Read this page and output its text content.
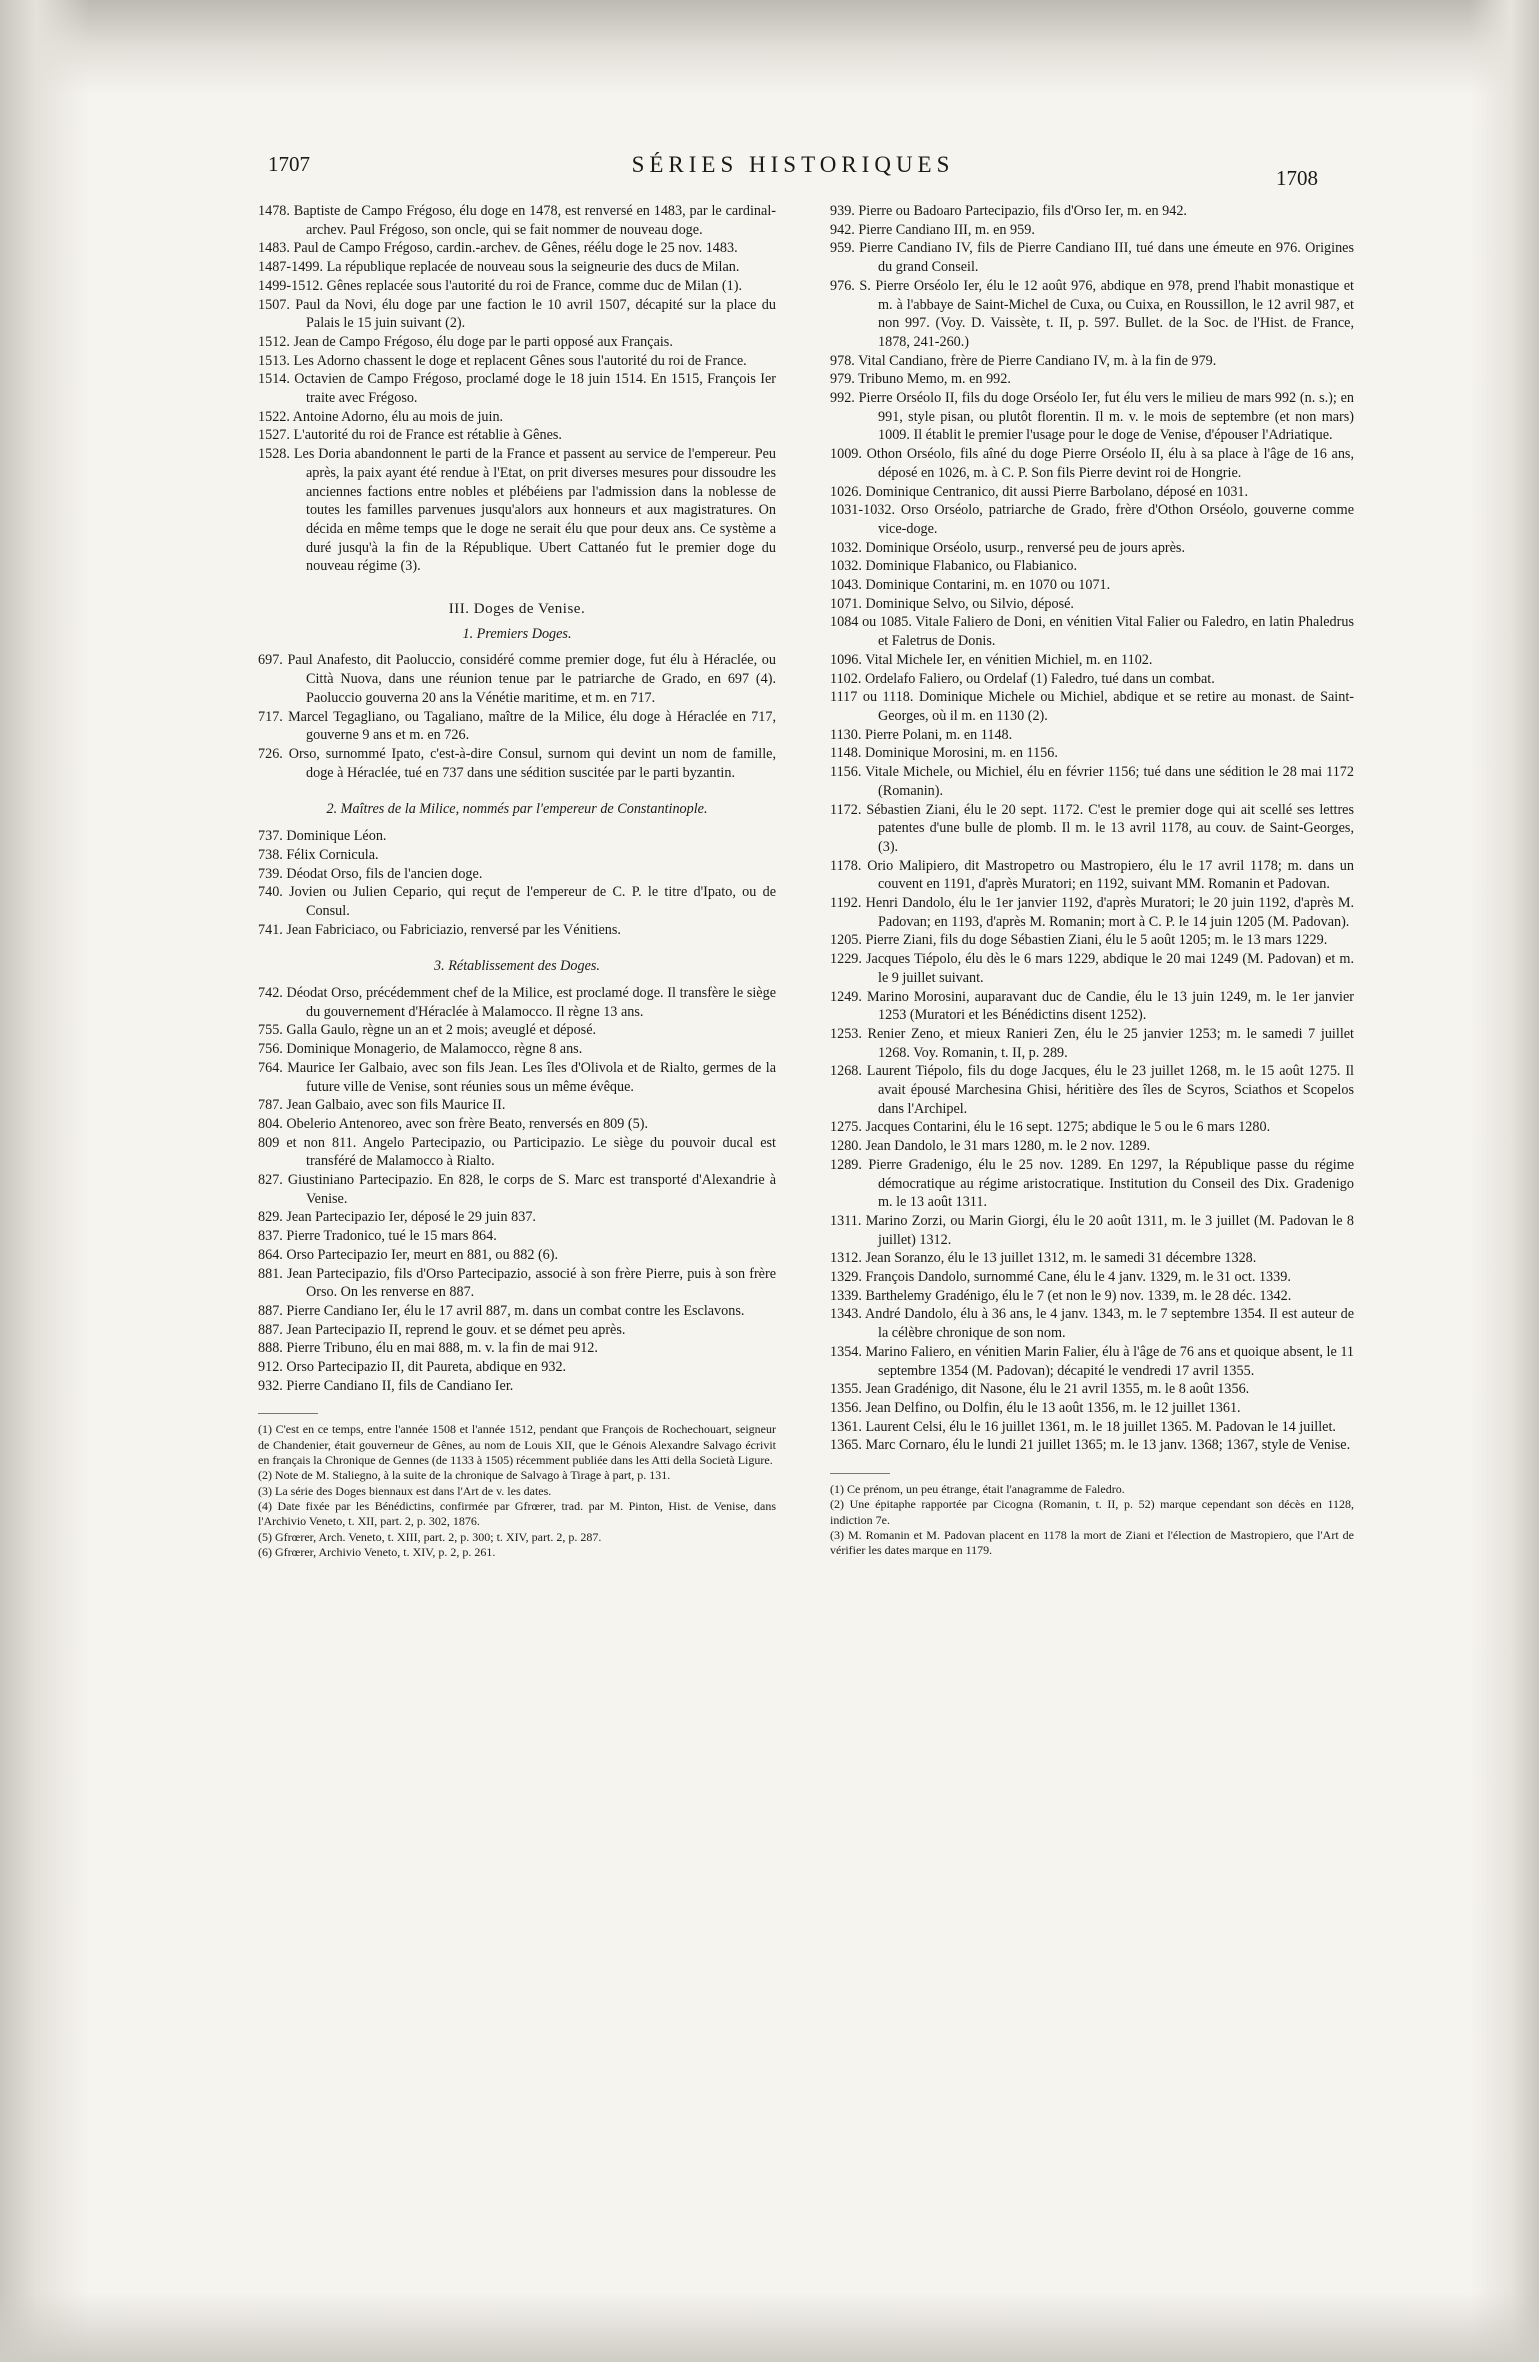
1707	SÉRIES HISTORIQUES
1708

1478. Baptiste de Campo Frégoso, élu doge en 1478, est renversé en 1483, par le cardinal-archev. Paul Frégoso, son oncle, qui se fait nommer de nouveau doge.

1483. Paul de Campo Frégoso, cardin.-archev. de Gênes, réélu doge le 25 nov. 1483.

1487-1499. La république replacée de nouveau sous la seigneurie des ducs de Milan.

1499-1512. Gênes replacée sous l'autorité du roi de France, comme duc de Milan (1).

1507. Paul da Novi, élu doge par une faction le 10 avril 1507, décapité sur la place du Palais le 15 juin suivant (2).

1512. Jean de Campo Frégoso, élu doge par le parti opposé aux Français.

1513. Les Adorno chassent le doge et replacent Gênes sous l'autorité du roi de France.

1514. Octavien de Campo Frégoso, proclamé doge le 18 juin 1514. En 1515, François Ier traite avec Frégoso.

1522. Antoine Adorno, élu au mois de juin.

1527. L'autorité du roi de France est rétablie à Gênes.

1528. Les Doria abandonnent le parti de la France et passent au service de l'empereur. Peu après, la paix ayant été rendue à l'Etat, on prit diverses mesures pour dissoudre les anciennes factions entre nobles et plébéiens par l'admission dans la noblesse de toutes les familles parvenues jusqu'alors aux honneurs et aux magistratures. On décida en même temps que le doge ne serait élu que pour deux ans. Ce système a duré jusqu'à la fin de la République. Ubert Cattanéo fut le premier doge du nouveau régime (3).

III. Doges de Venise.
1. Premiers Doges.

697. Paul Anafesto, dit Paoluccio, considéré comme premier doge, fut élu à Héraclée, ou Città Nuova, dans une réunion tenue par le patriarche de Grado, en 697 (4). Paoluccio gouverna 20 ans la Vénétie maritime, et m. en 717.

717. Marcel Tegagliano, ou Tagaliano, maître de la Milice, élu doge à Héraclée en 717, gouverne 9 ans et m. en 726.

726. Orso, surnommé Ipato, c'est-à-dire Consul, surnom qui devint un nom de famille, doge à Héraclée, tué en 737 dans une sédition suscitée par le parti byzantin.

2. Maîtres de la Milice, nommés par l'empereur de Constantinople.

737. Dominique Léon.

738. Félix Cornicula.

739. Déodat Orso, fils de l'ancien doge.

740. Jovien ou Julien Cepario, qui reçut de l'empereur de C. P. le titre d'Ipato, ou de Consul.

741. Jean Fabriciaco, ou Fabriciazio, renversé par les Vénitiens.

3. Rétablissement des Doges.

742. Déodat Orso, précédemment chef de la Milice, est proclamé doge. Il transfère le siège du gouvernement d'Héraclée à Malamocco. Il règne 13 ans.

755. Galla Gaulo, règne un an et 2 mois; aveuglé et déposé.

756. Dominique Monagerio, de Malamocco, règne 8 ans.

764. Maurice Ier Galbaio, avec son fils Jean. Les îles d'Olivola et de Rialto, germes de la future ville de Venise, sont réunies sous un même évêque.

787. Jean Galbaio, avec son fils Maurice II.

804. Obelerio Antenoreo, avec son frère Beato, renversés en 809 (5).

809 et non 811. Angelo Partecipazio, ou Participazio. Le siège du pouvoir ducal est transféré de Malamocco à Rialto.

827. Giustiniano Partecipazio. En 828, le corps de S. Marc est transporté d'Alexandrie à Venise.

829. Jean Partecipazio Ier, déposé le 29 juin 837.

837. Pierre Tradonico, tué le 15 mars 864.

864. Orso Partecipazio Ier, meurt en 881, ou 882 (6).

881. Jean Partecipazio, fils d'Orso Partecipazio, associé à son frère Pierre, puis à son frère Orso. On les renverse en 887.

887. Pierre Candiano Ier, élu le 17 avril 887, m. dans un combat contre les Esclavons.

887. Jean Partecipazio II, reprend le gouv. et se démet peu après.

888. Pierre Tribuno, élu en mai 888, m. v. la fin de mai 912.

912. Orso Partecipazio II, dit Paureta, abdique en 932.

932. Pierre Candiano II, fils de Candiano Ier.

(1) C'est en ce temps, entre l'année 1508 et l'année 1512, pendant que François de Rochechouart, seigneur de Chandenier, était gouverneur de Gênes, au nom de Louis XII, que le Génois Alexandre Salvago écrivit en français la Chronique de Gennes (de 1133 à 1505) récemment publiée dans les Atti della Società Ligure.

(2) Note de M. Staliegno, à la suite de la chronique de Salvago à Tirage à part, p. 131.

(3) La série des Doges biennaux est dans l'Art de v. les dates.

(4) Date fixée par les Bénédictins, confirmée par Gfrœrer, trad. par M. Pinton, Hist. de Venise, dans l'Archivio Veneto, t. XII, part. 2, p. 302, 1876.

(5) Gfrœrer, Arch. Veneto, t. XIII, part. 2, p. 300; t. XIV, part. 2, p. 287.

(6) Gfrœrer, Archivio Veneto, t. XIV, p. 2, p. 261.

939. Pierre ou Badoaro Partecipazio, fils d'Orso Ier, m. en 942.

942. Pierre Candiano III, m. en 959.

959. Pierre Candiano IV, fils de Pierre Candiano III, tué dans une émeute en 976. Origines du grand Conseil.

976. S. Pierre Orséolo Ier, élu le 12 août 976, abdique en 978, prend l'habit monastique et m. à l'abbaye de Saint-Michel de Cuxa, ou Cuixa, en Roussillon, le 12 avril 987, et non 997. (Voy. D. Vaissète, t. II, p. 597. Bullet. de la Soc. de l'Hist. de France, 1878, 241-260.)

978. Vital Candiano, frère de Pierre Candiano IV, m. à la fin de 979.

979. Tribuno Memo, m. en 992.

992. Pierre Orséolo II, fils du doge Orséolo Ier, fut élu vers le milieu de mars 992 (n. s.); en 991, style pisan, ou plutôt florentin. Il m. v. le mois de septembre (et non mars) 1009. Il établit le premier l'usage pour le doge de Venise, d'épouser l'Adriatique.

1009. Othon Orséolo, fils aîné du doge Pierre Orséolo II, élu à sa place à l'âge de 16 ans, déposé en 1026, m. à C. P. Son fils Pierre devint roi de Hongrie.

1026. Dominique Centranico, dit aussi Pierre Barbolano, déposé en 1031.

1031-1032. Orso Orséolo, patriarche de Grado, frère d'Othon Orséolo, gouverne comme vice-doge.

1032. Dominique Orséolo, usurp., renversé peu de jours après.

1032. Dominique Flabanico, ou Flabianico.

1043. Dominique Contarini, m. en 1070 ou 1071.

1071. Dominique Selvo, ou Silvio, déposé.

1084 ou 1085. Vitale Faliero de Doni, en vénitien Vital Falier ou Faledro, en latin Phaledrus et Faletrus de Donis.

1096. Vital Michele Ier, en vénitien Michiel, m. en 1102.

1102. Ordelafo Faliero, ou Ordelaf (1) Faledro, tué dans un combat.

1117 ou 1118. Dominique Michele ou Michiel, abdique et se retire au monast. de Saint-Georges, où il m. en 1130 (2).

1130. Pierre Polani, m. en 1148.

1148. Dominique Morosini, m. en 1156.

1156. Vitale Michele, ou Michiel, élu en février 1156; tué dans une sédition le 28 mai 1172 (Romanin).

1172. Sébastien Ziani, élu le 20 sept. 1172. C'est le premier doge qui ait scellé ses lettres patentes d'une bulle de plomb. Il m. le 13 avril 1178, au couv. de Saint-Georges, (3).

1178. Orio Malipiero, dit Mastropetro ou Mastropiero, élu le 17 avril 1178; m. dans un couvent en 1191, d'après Muratori; en 1192, suivant MM. Romanin et Padovan.

1192. Henri Dandolo, élu le 1er janvier 1192, d'après Muratori; le 20 juin 1192, d'après M. Padovan; en 1193, d'après M. Romanin; mort à C. P. le 14 juin 1205 (M. Padovan).

1205. Pierre Ziani, fils du doge Sébastien Ziani, élu le 5 août 1205; m. le 13 mars 1229.

1229. Jacques Tiépolo, élu dès le 6 mars 1229, abdique le 20 mai 1249 (M. Padovan) et m. le 9 juillet suivant.

1249. Marino Morosini, auparavant duc de Candie, élu le 13 juin 1249, m. le 1er janvier 1253 (Muratori et les Bénédictins disent 1252).

1253. Renier Zeno, et mieux Ranieri Zen, élu le 25 janvier 1253; m. le samedi 7 juillet 1268. Voy. Romanin, t. II, p. 289.

1268. Laurent Tiépolo, fils du doge Jacques, élu le 23 juillet 1268, m. le 15 août 1275. Il avait épousé Marchesina Ghisi, héritière des îles de Scyros, Sciathos et Scopelos dans l'Archipel.

1275. Jacques Contarini, élu le 16 sept. 1275; abdique le 5 ou le 6 mars 1280.

1280. Jean Dandolo, le 31 mars 1280, m. le 2 nov. 1289.

1289. Pierre Gradenigo, élu le 25 nov. 1289. En 1297, la République passe du régime démocratique au régime aristocratique. Institution du Conseil des Dix. Gradenigo m. le 13 août 1311.

1311. Marino Zorzi, ou Marin Giorgi, élu le 20 août 1311, m. le 3 juillet (M. Padovan le 8 juillet) 1312.

1312. Jean Soranzo, élu le 13 juillet 1312, m. le samedi 31 décembre 1328.

1329. François Dandolo, surnommé Cane, élu le 4 janv. 1329, m. le 31 oct. 1339.

1339. Barthelemy Gradénigo, élu le 7 (et non le 9) nov. 1339, m. le 28 déc. 1342.

1343. André Dandolo, élu à 36 ans, le 4 janv. 1343, m. le 7 septembre 1354. Il est auteur de la célèbre chronique de son nom.

1354. Marino Faliero, en vénitien Marin Falier, élu à l'âge de 76 ans et quoique absent, le 11 septembre 1354 (M. Padovan); décapité le vendredi 17 avril 1355.

1355. Jean Gradénigo, dit Nasone, élu le 21 avril 1355, m. le 8 août 1356.

1356. Jean Delfino, ou Dolfin, élu le 13 août 1356, m. le 12 juillet 1361.

1361. Laurent Celsi, élu le 16 juillet 1361, m. le 18 juillet 1365. M. Padovan le 14 juillet.

1365. Marc Cornaro, élu le lundi 21 juillet 1365; m. le 13 janv. 1368; 1367, style de Venise.

(1) Ce prénom, un peu étrange, était l'anagramme de Faledro.

(2) Une épitaphe rapportée par Cicogna (Romanin, t. II, p. 52) marque cependant son décès en 1128, indiction 7e.

(3) M. Romanin et M. Padovan placent en 1178 la mort de Ziani et l'élection de Mastropiero, que l'Art de vérifier les dates marque en 1179.
